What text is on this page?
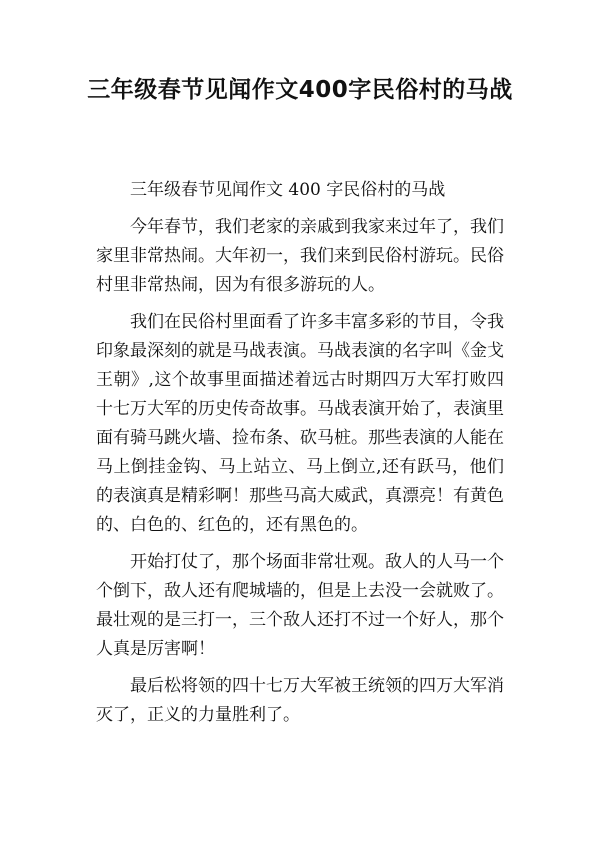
三年级春节见闻作文400字民俗村的马战

三年级春节见闻作文 400 字民俗村的马战

今年春节，我们老家的亲戚到我家来过年了，我们家里非常热闹。大年初一，我们来到民俗村游玩。民俗村里非常热闹，因为有很多游玩的人。

我们在民俗村里面看了许多丰富多彩的节目，令我印象最深刻的就是马战表演。马战表演的名字叫《金戈王朝》,这个故事里面描述着远古时期四万大军打败四十七万大军的历史传奇故事。马战表演开始了，表演里面有骑马跳火墙、捡布条、砍马桩。那些表演的人能在马上倒挂金钩、马上站立、马上倒立,还有跃马，他们的表演真是精彩啊！那些马高大威武，真漂亮！有黄色的、白色的、红色的，还有黑色的。

开始打仗了，那个场面非常壮观。敌人的人马一个个倒下，敌人还有爬城墙的，但是上去没一会就败了。最壮观的是三打一，三个敌人还打不过一个好人，那个人真是厉害啊！

最后松将领的四十七万大军被王统领的四万大军消灭了，正义的力量胜利了。
